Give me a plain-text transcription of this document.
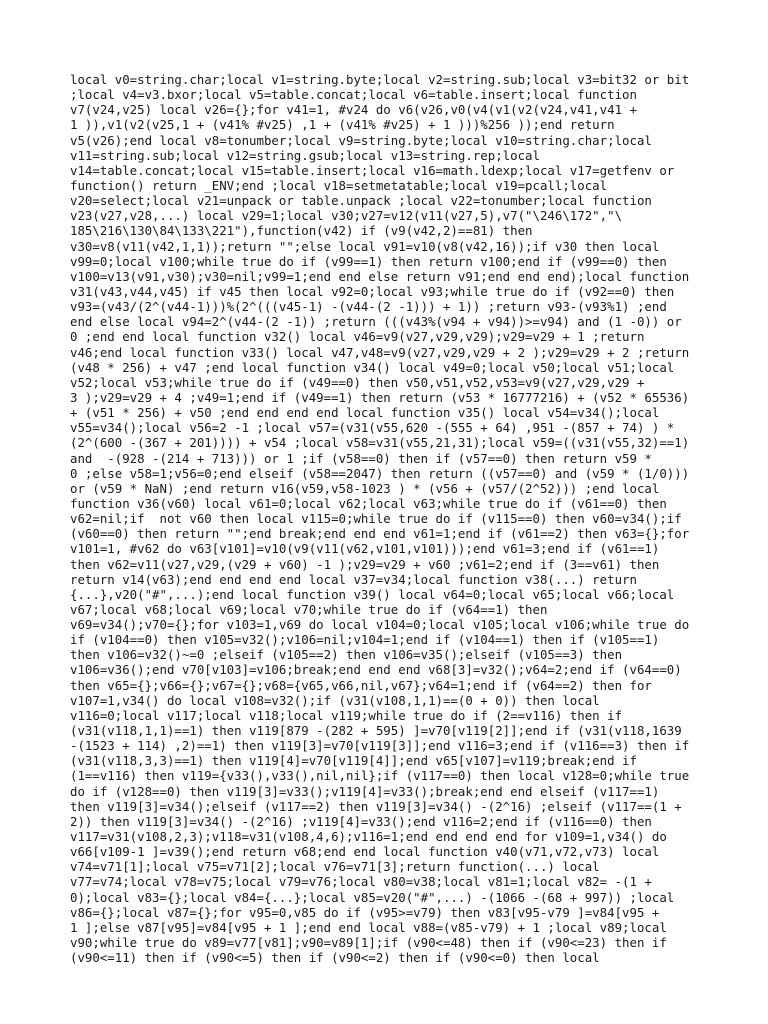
local v0=string.char;local v1=string.byte;local v2=string.sub;local v3=bit32 or bit
;local v4=v3.bxor;local v5=table.concat;local v6=table.insert;local function
v7(v24,v25) local v26={};for v41=1, #v24 do v6(v26,v0(v4(v1(v2(v24,v41,v41 +
1 )),v1(v2(v25,1 + (v41% #v25) ,1 + (v41% #v25) + 1 )))%256 ));end return
v5(v26);end local v8=tonumber;local v9=string.byte;local v10=string.char;local
v11=string.sub;local v12=string.gsub;local v13=string.rep;local
v14=table.concat;local v15=table.insert;local v16=math.ldexp;local v17=getfenv or
function() return _ENV;end ;local v18=setmetatable;local v19=pcall;local
v20=select;local v21=unpack or table.unpack ;local v22=tonumber;local function
v23(v27,v28,...) local v29=1;local v30;v27=v12(v11(v27,5),v7("\246\172","\
185\216\130\84\133\221"),function(v42) if (v9(v42,2)==81) then
v30=v8(v11(v42,1,1));return "";else local v91=v10(v8(v42,16));if v30 then local
v99=0;local v100;while true do if (v99==1) then return v100;end if (v99==0) then
v100=v13(v91,v30);v30=nil;v99=1;end end else return v91;end end end);local function
v31(v43,v44,v45) if v45 then local v92=0;local v93;while true do if (v92==0) then
v93=(v43/(2^(v44-1)))%(2^(((v45-1) -(v44-(2 -1))) + 1)) ;return v93-(v93%1) ;end
end else local v94=2^(v44-(2 -1)) ;return (((v43%(v94 + v94))>=v94) and (1 -0)) or
0 ;end end local function v32() local v46=v9(v27,v29,v29);v29=v29 + 1 ;return
v46;end local function v33() local v47,v48=v9(v27,v29,v29 + 2 );v29=v29 + 2 ;return
(v48 * 256) + v47 ;end local function v34() local v49=0;local v50;local v51;local
v52;local v53;while true do if (v49==0) then v50,v51,v52,v53=v9(v27,v29,v29 +
3 );v29=v29 + 4 ;v49=1;end if (v49==1) then return (v53 * 16777216) + (v52 * 65536)
+ (v51 * 256) + v50 ;end end end end local function v35() local v54=v34();local
v55=v34();local v56=2 -1 ;local v57=(v31(v55,620 -(555 + 64) ,951 -(857 + 74) ) *
(2^(600 -(367 + 201)))) + v54 ;local v58=v31(v55,21,31);local v59=((v31(v55,32)==1)
and  -(928 -(214 + 713))) or 1 ;if (v58==0) then if (v57==0) then return v59 *
0 ;else v58=1;v56=0;end elseif (v58==2047) then return ((v57==0) and (v59 * (1/0)))
or (v59 * NaN) ;end return v16(v59,v58-1023 ) * (v56 + (v57/(2^52))) ;end local
function v36(v60) local v61=0;local v62;local v63;while true do if (v61==0) then
v62=nil;if  not v60 then local v115=0;while true do if (v115==0) then v60=v34();if
(v60==0) then return "";end break;end end end v61=1;end if (v61==2) then v63={};for
v101=1, #v62 do v63[v101]=v10(v9(v11(v62,v101,v101)));end v61=3;end if (v61==1)
then v62=v11(v27,v29,(v29 + v60) -1 );v29=v29 + v60 ;v61=2;end if (3==v61) then
return v14(v63);end end end end local v37=v34;local function v38(...) return
{...},v20("#",...);end local function v39() local v64=0;local v65;local v66;local
v67;local v68;local v69;local v70;while true do if (v64==1) then
v69=v34();v70={};for v103=1,v69 do local v104=0;local v105;local v106;while true do
if (v104==0) then v105=v32();v106=nil;v104=1;end if (v104==1) then if (v105==1)
then v106=v32()~=0 ;elseif (v105==2) then v106=v35();elseif (v105==3) then
v106=v36();end v70[v103]=v106;break;end end end v68[3]=v32();v64=2;end if (v64==0)
then v65={};v66={};v67={};v68={v65,v66,nil,v67};v64=1;end if (v64==2) then for
v107=1,v34() do local v108=v32();if (v31(v108,1,1)==(0 + 0)) then local
v116=0;local v117;local v118;local v119;while true do if (2==v116) then if
(v31(v118,1,1)==1) then v119[879 -(282 + 595) ]=v70[v119[2]];end if (v31(v118,1639
-(1523 + 114) ,2)==1) then v119[3]=v70[v119[3]];end v116=3;end if (v116==3) then if
(v31(v118,3,3)==1) then v119[4]=v70[v119[4]];end v65[v107]=v119;break;end if
(1==v116) then v119={v33(),v33(),nil,nil};if (v117==0) then local v128=0;while true
do if (v128==0) then v119[3]=v33();v119[4]=v33();break;end end elseif (v117==1)
then v119[3]=v34();elseif (v117==2) then v119[3]=v34() -(2^16) ;elseif (v117==(1 +
2)) then v119[3]=v34() -(2^16) ;v119[4]=v33();end v116=2;end if (v116==0) then
v117=v31(v108,2,3);v118=v31(v108,4,6);v116=1;end end end end for v109=1,v34() do
v66[v109-1 ]=v39();end return v68;end end local function v40(v71,v72,v73) local
v74=v71[1];local v75=v71[2];local v76=v71[3];return function(...) local
v77=v74;local v78=v75;local v79=v76;local v80=v38;local v81=1;local v82= -(1 +
0);local v83={};local v84={...};local v85=v20("#",...) -(1066 -(68 + 997)) ;local
v86={};local v87={};for v95=0,v85 do if (v95>=v79) then v83[v95-v79 ]=v84[v95 +
1 ];else v87[v95]=v84[v95 + 1 ];end end local v88=(v85-v79) + 1 ;local v89;local
v90;while true do v89=v77[v81];v90=v89[1];if (v90<=48) then if (v90<=23) then if
(v90<=11) then if (v90<=5) then if (v90<=2) then if (v90<=0) then local
